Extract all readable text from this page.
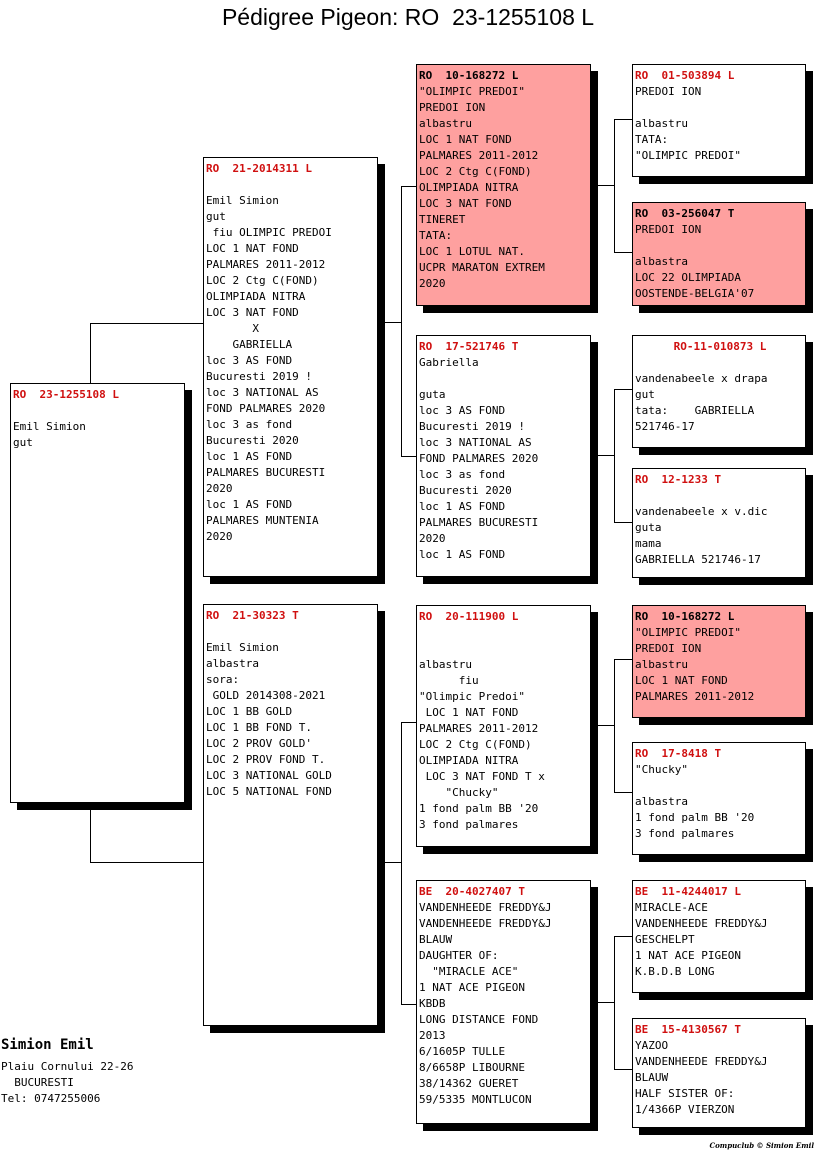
Pédigree Pigeon: RO  23-1255108 L
RO  23-1255108 L
Emil Simion
gut
RO  21-2014311 L
Emil Simion
gut
fiu OLIMPIC PREDOI
LOC 1 NAT FOND
PALMARES 2011-2012
LOC 2 Ctg C(FOND)
OLIMPIADA NITRA
LOC 3 NAT FOND
X
GABRIELLA
loc 3 AS FOND
Bucuresti 2019 !
loc 3 NATIONAL AS
FOND PALMARES 2020
loc 3 as fond
Bucuresti 2020
loc 1 AS FOND
PALMARES BUCURESTI
2020
loc 1 AS FOND
PALMARES MUNTENIA
2020
RO  21-30323 T
Emil Simion
albastra
sora:
GOLD 2014308-2021
LOC 1 BB GOLD
LOC 1 BB FOND T.
LOC 2 PROV GOLD'
LOC 2 PROV FOND T.
LOC 3 NATIONAL GOLD
LOC 5 NATIONAL FOND
RO  10-168272 L
"OLIMPIC PREDOI"
PREDOI ION
albastru
LOC 1 NAT FOND
PALMARES 2011-2012
LOC 2 Ctg C(FOND)
OLIMPIADA NITRA
LOC 3 NAT FOND
TINERET
TATA:
LOC 1 LOTUL NAT.
UCPR MARATON EXTREM
2020
RO  17-521746 T
Gabriella
guta
loc 3 AS FOND
Bucuresti 2019 !
loc 3 NATIONAL AS
FOND PALMARES 2020
loc 3 as fond
Bucuresti 2020
loc 1 AS FOND
PALMARES BUCURESTI
2020
loc 1 AS FOND
RO  20-111900 L
albastru
fiu
"Olimpic Predoi"
LOC 1 NAT FOND
PALMARES 2011-2012
LOC 2 Ctg C(FOND)
OLIMPIADA NITRA
LOC 3 NAT FOND T x
"Chucky"
1 fond palm BB '20
3 fond palmares
BE  20-4027407 T
VANDENHEEDE FREDDY&J
VANDENHEEDE FREDDY&J
BLAUW
DAUGHTER OF:
"MIRACLE ACE"
1 NAT ACE PIGEON
KBDB
LONG DISTANCE FOND
2013
6/1605P TULLE
8/6658P LIBOURNE
38/14362 GUERET
59/5335 MONTLUCON
RO  01-503894 L
PREDOI ION
albastru
TATA:
"OLIMPIC PREDOI"
RO  03-256047 T
PREDOI ION
albastra
LOC 22 OLIMPIADA
OOSTENDE-BELGIA'07
RO-11-010873 L
vandenabeele x drapa
gut
tata:    GABRIELLA
521746-17
RO  12-1233 T
vandenabeele x v.dic
guta
mama
GABRIELLA 521746-17
RO  10-168272 L
"OLIMPIC PREDOI"
PREDOI ION
albastru
LOC 1 NAT FOND
PALMARES 2011-2012
RO  17-8418 T
"Chucky"
albastra
1 fond palm BB '20
3 fond palmares
BE  11-4244017 L
MIRACLE-ACE
VANDENHEEDE FREDDY&J
GESCHELPT
1 NAT ACE PIGEON
K.B.D.B LONG
BE  15-4130567 T
YAZOO
VANDENHEEDE FREDDY&J
BLAUW
HALF SISTER OF:
1/4366P VIERZON
Simion Emil
Plaiu Cornului 22-26
BUCURESTI
Tel: 0747255006
Compuclub © Simion Emil
